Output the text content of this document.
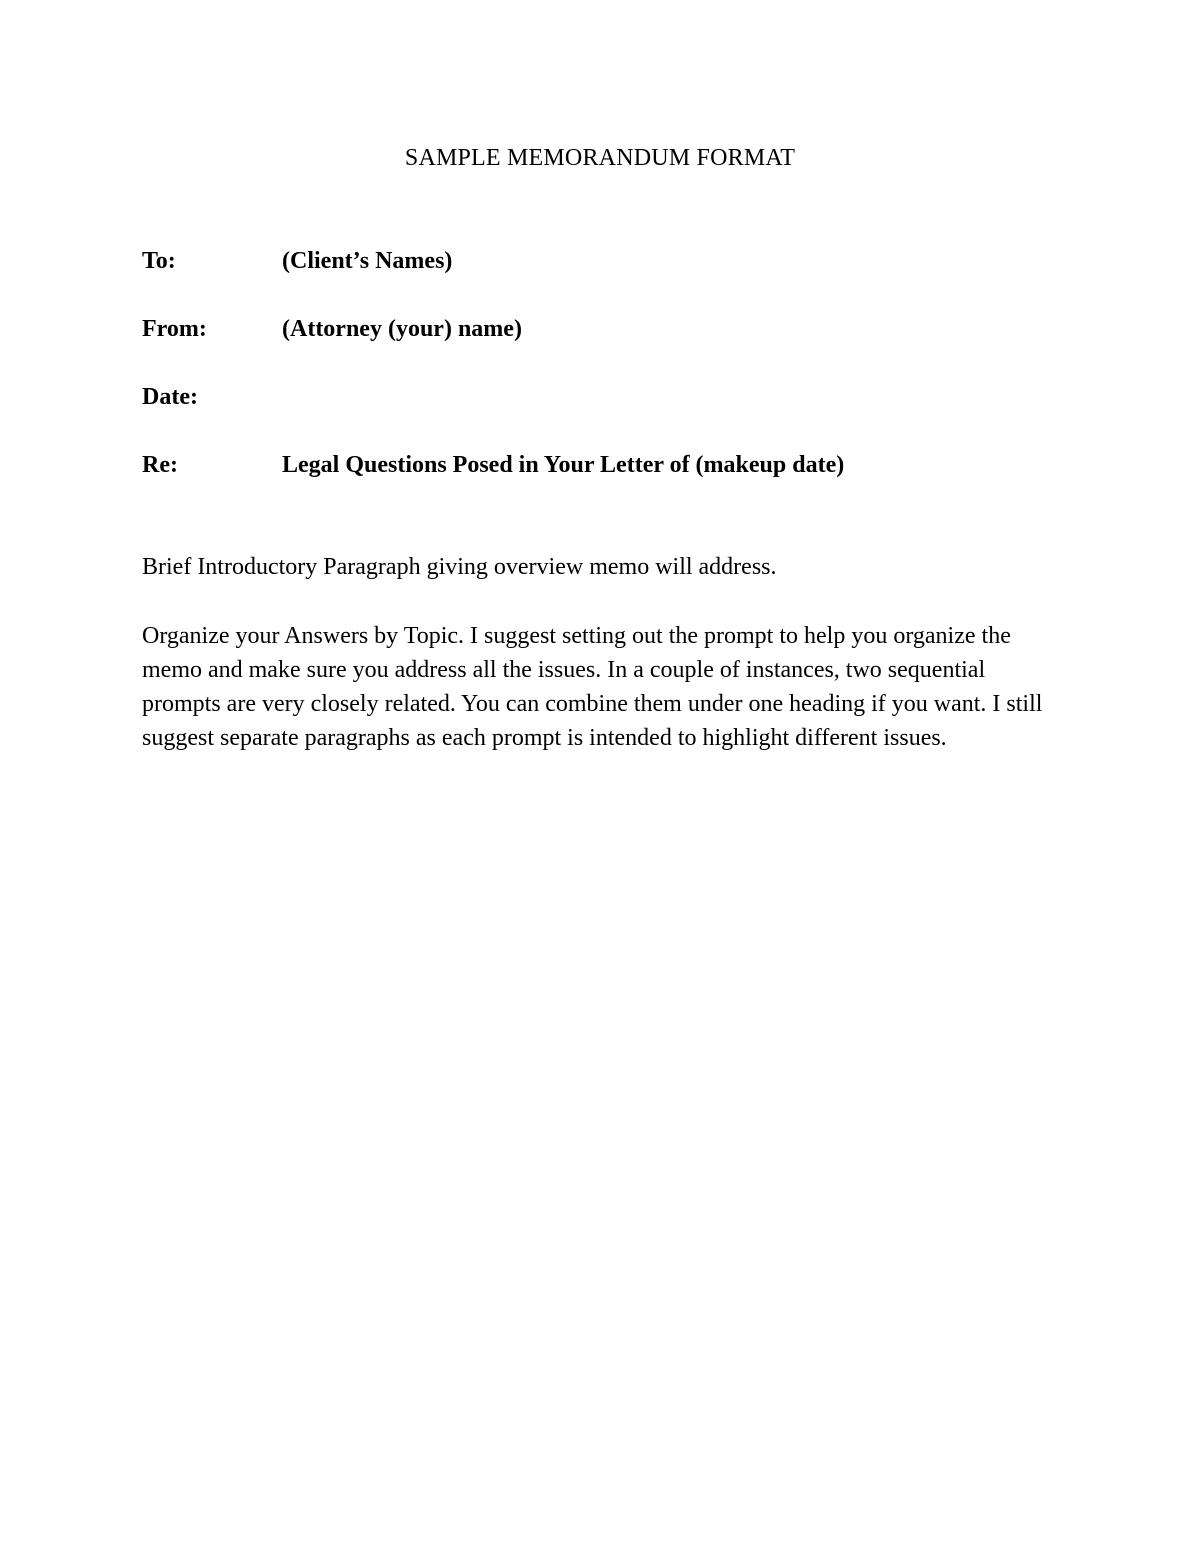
SAMPLE MEMORANDUM FORMAT
To:	(Client’s Names)
From:	(Attorney (your) name)
Date:
Re:	Legal Questions Posed in Your Letter of (makeup date)

Brief Introductory Paragraph giving overview memo will address.

Organize your Answers by Topic. I suggest setting out the prompt to help you organize the memo and make sure you address all the issues. In a couple of instances, two sequential prompts are very closely related. You can combine them under one heading if you want. I still suggest separate paragraphs as each prompt is intended to highlight different issues.
